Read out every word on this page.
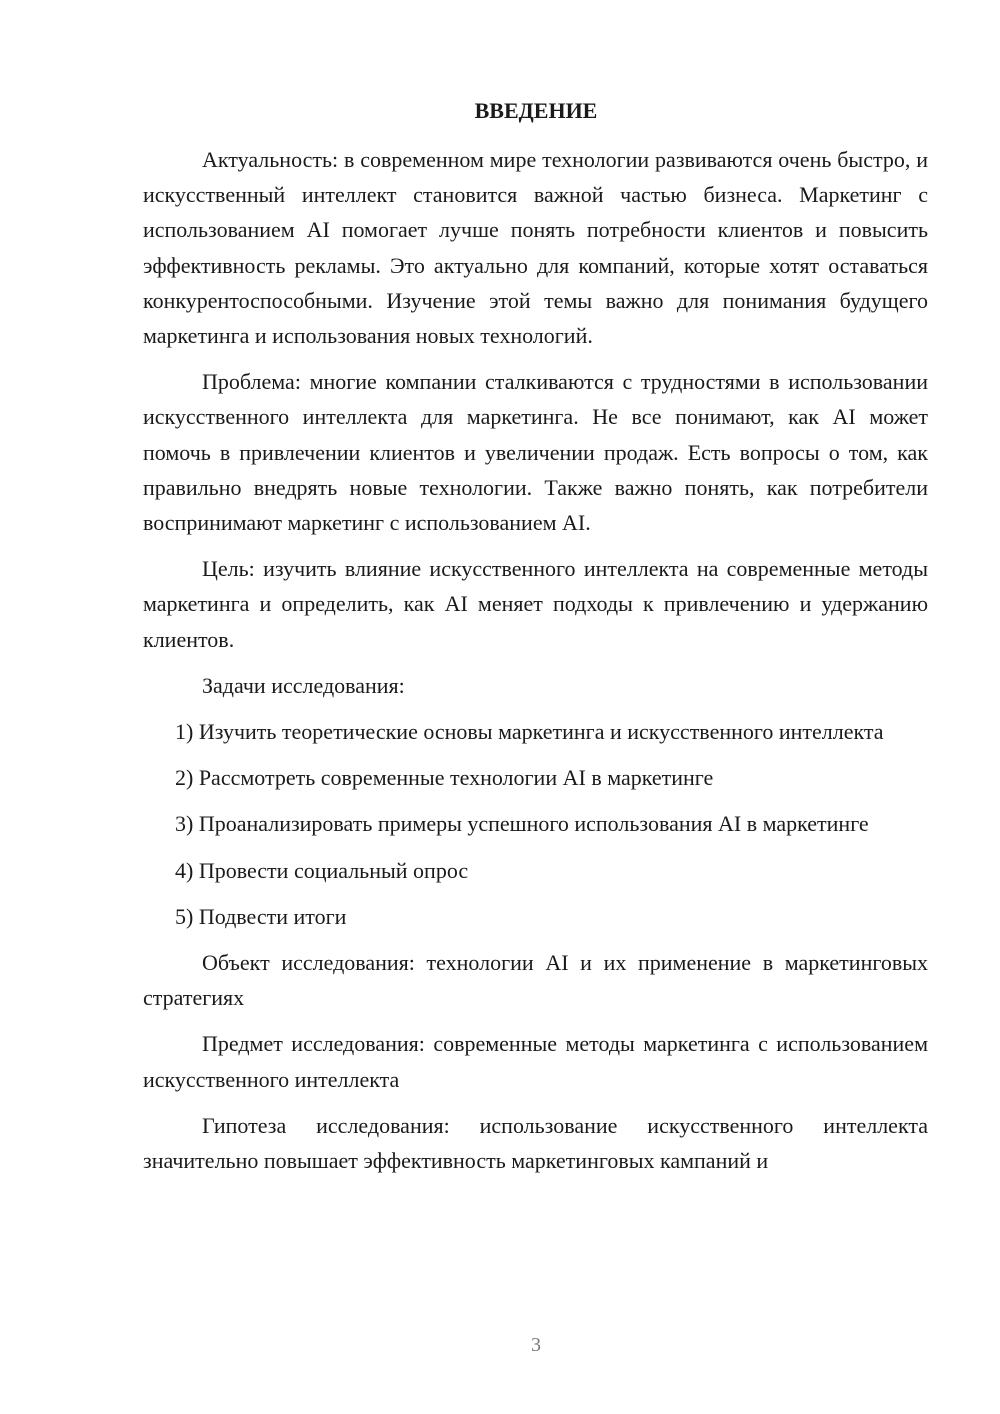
ВВЕДЕНИЕ

Актуальность: в современном мире технологии развиваются очень быстро, и искусственный интеллект становится важной частью бизнеса. Маркетинг с использованием AI помогает лучше понять потребности клиентов и повысить эффективность рекламы. Это актуально для компаний, которые хотят оставаться конкурентоспособными. Изучение этой темы важно для понимания будущего маркетинга и использования новых технологий.

Проблема: многие компании сталкиваются с трудностями в использовании искусственного интеллекта для маркетинга. Не все понимают, как AI может помочь в привлечении клиентов и увеличении продаж. Есть вопросы о том, как правильно внедрять новые технологии. Также важно понять, как потребители воспринимают маркетинг с использованием AI.

Цель: изучить влияние искусственного интеллекта на современные методы маркетинга и определить, как AI меняет подходы к привлечению и удержанию клиентов.

Задачи исследования:

1) Изучить теоретические основы маркетинга и искусственного интеллекта

2) Рассмотреть современные технологии AI в маркетинге

3) Проанализировать примеры успешного использования AI в маркетинге

4) Провести социальный опрос

5) Подвести итоги

Объект исследования: технологии AI и их применение в маркетинговых стратегиях

Предмет исследования: современные методы маркетинга с использованием искусственного интеллекта

Гипотеза исследования: использование искусственного интеллекта значительно повышает эффективность маркетинговых кампаний и

3
